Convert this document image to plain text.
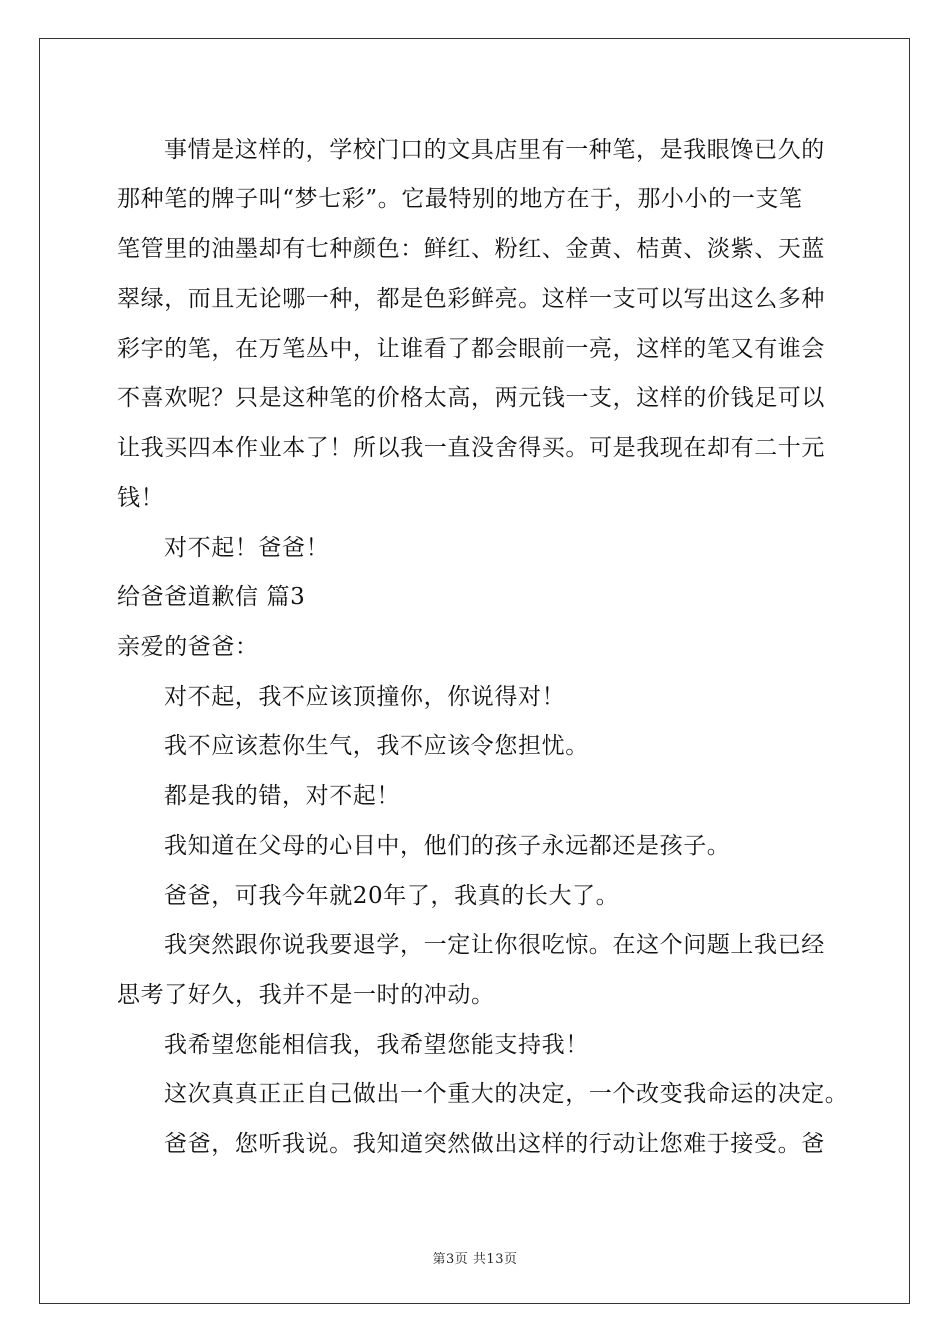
事情是这样的，学校门口的文具店里有一种笔，是我眼馋已久的
那种笔的牌子叫“梦七彩”。它最特别的地方在于，那小小的一支笔
笔管里的油墨却有七种颜色：鲜红、粉红、金黄、桔黄、淡紫、天蓝
翠绿，而且无论哪一种，都是色彩鲜亮。这样一支可以写出这么多种
彩字的笔，在万笔丛中，让谁看了都会眼前一亮，这样的笔又有谁会
不喜欢呢？只是这种笔的价格太高，两元钱一支，这样的价钱足可以
让我买四本作业本了！所以我一直没舍得买。可是我现在却有二十元
钱！
对不起！爸爸！
给爸爸道歉信 篇3
亲爱的爸爸：
对不起，我不应该顶撞你，你说得对！
我不应该惹你生气，我不应该令您担忧。
都是我的错，对不起！
我知道在父母的心目中，他们的孩子永远都还是孩子。
爸爸，可我今年就20年了，我真的长大了。
我突然跟你说我要退学，一定让你很吃惊。在这个问题上我已经
思考了好久，我并不是一时的冲动。
我希望您能相信我，我希望您能支持我！
这次真真正正自己做出一个重大的决定，一个改变我命运的决定。
爸爸，您听我说。我知道突然做出这样的行动让您难于接受。爸
第3页 共13页
